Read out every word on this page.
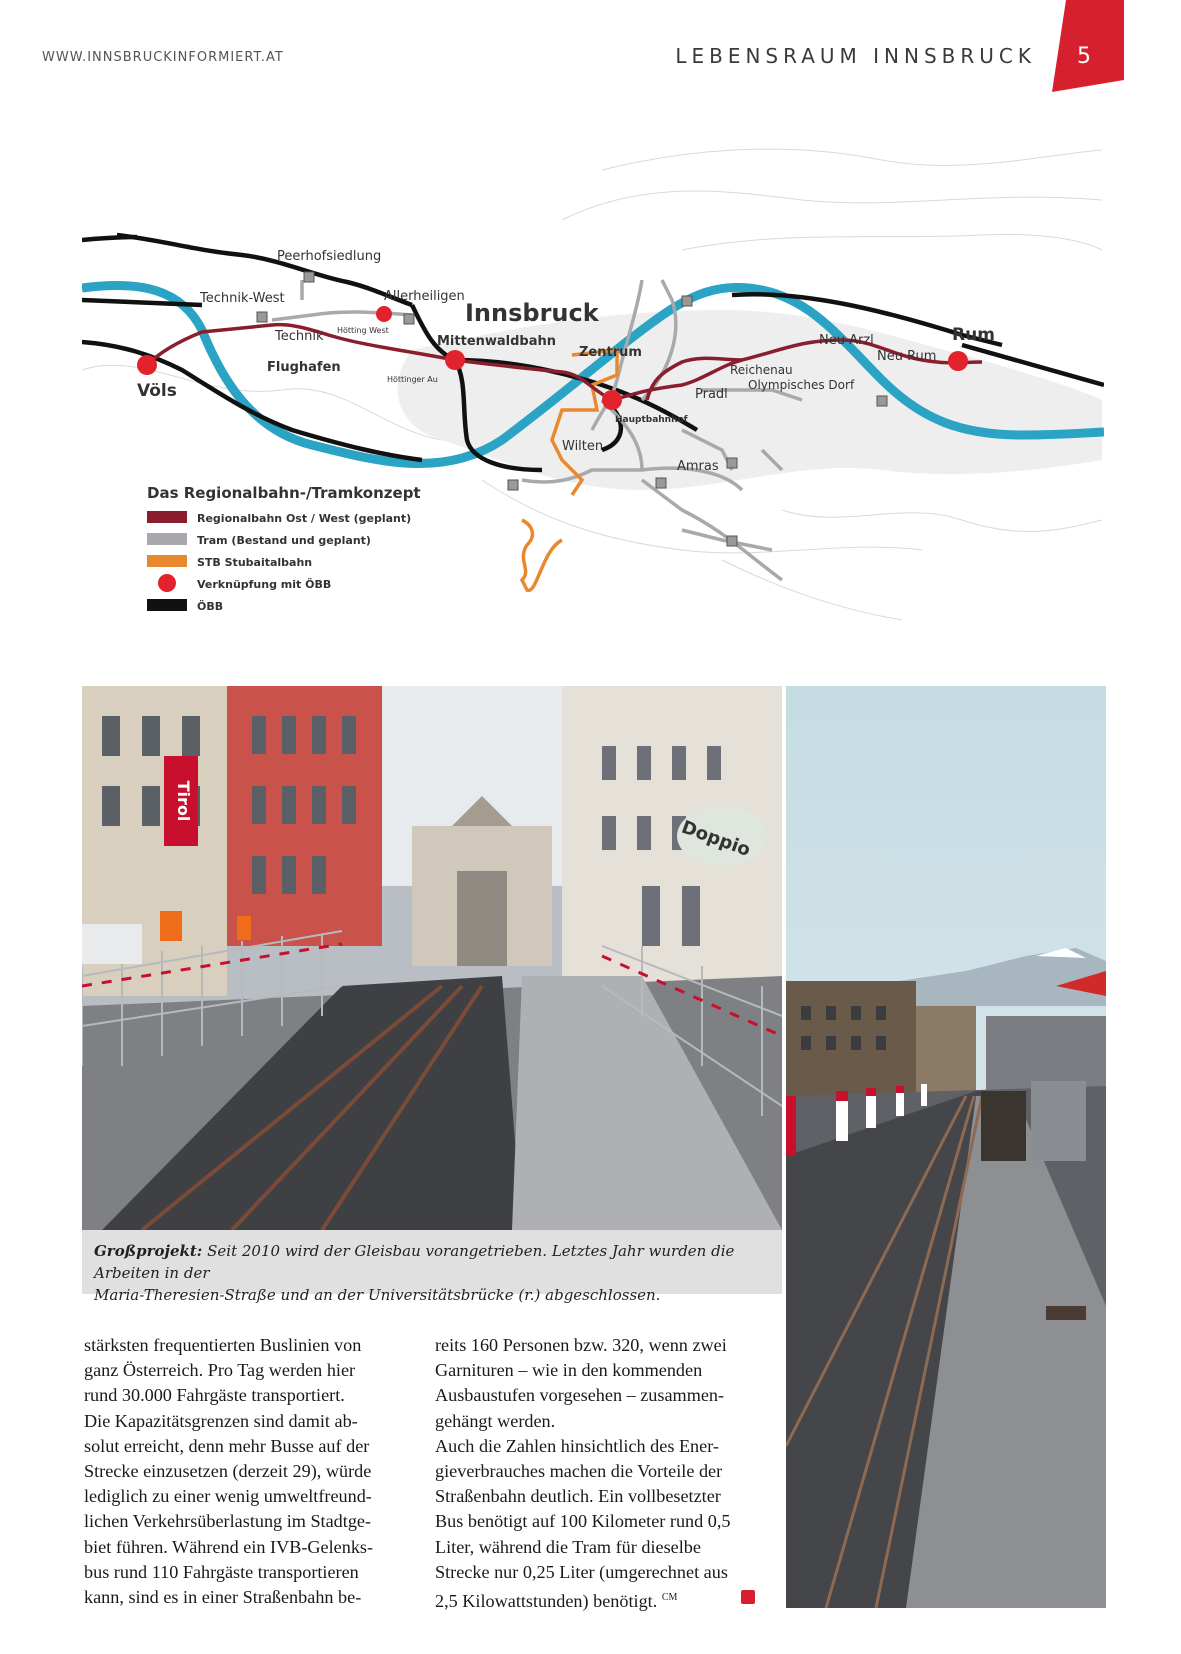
WWW.INNSBRUCKINFORMIERT.AT	LEBENSRAUM INNSBRUCK	5
Peerhofsiedlung
Technik-West	Allerheiligen
Innsbruck
Technik Hötting West
Mittenwaldbahn
Flughafen
Völs
Höttinger Au
Zentrum
Hauptbahnhof
Wilten
Pradl
Reichenau
Olympisches Dorf
Neu Arzl
Neu Rum
Rum
Amras
Das Regionalbahn-/Tramkonzept
Regionalbahn Ost / West (geplant)
Tram (Bestand und geplant)
STB Stubaitalbahn
Verknüpfung mit ÖBB
ÖBB
Tirol
Doppio
Großprojekt: Seit 2010 wird der Gleisbau vorangetrieben. Letztes Jahr wurden die Arbeiten in der
Maria-Theresien-Straße und an der Universitätsbrücke (r.) abgeschlossen.

stärksten frequentierten Buslinien von

ganz Österreich. Pro Tag werden hier

rund 30.000 Fahrgäste transportiert.

Die Kapazitätsgrenzen sind damit ab-

solut erreicht, denn mehr Busse auf der

Strecke einzusetzen (derzeit 29), würde

lediglich zu einer wenig umweltfreund-

lichen Verkehrsüberlastung im Stadtge-

biet führen. Während ein IVB-Gelenks-

bus rund 110 Fahrgäste transportieren

kann, sind es in einer Straßenbahn be-

reits 160 Personen bzw. 320, wenn zwei

Garnituren – wie in den kommenden

Ausbaustufen vorgesehen – zusammen-

gehängt werden.

Auch die Zahlen hinsichtlich des Ener-

gieverbrauches machen die Vorteile der

Straßenbahn deutlich. Ein vollbesetzter

Bus benötigt auf 100 Kilometer rund 0,5

Liter, während die Tram für dieselbe

Strecke nur 0,25 Liter (umgerechnet aus

2,5 Kilowattstunden) benötigt. $^{CM}$
